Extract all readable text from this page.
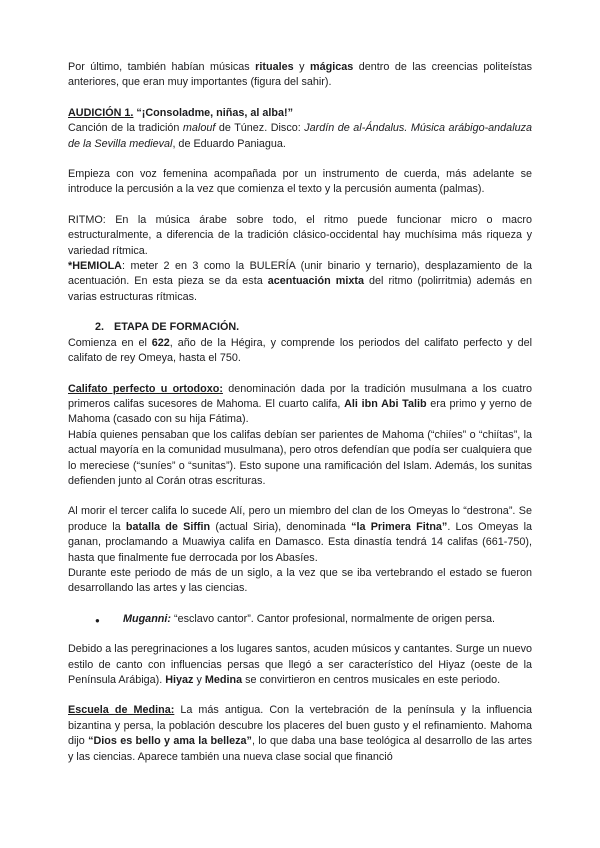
Por último, también habían músicas rituales y mágicas dentro de las creencias politeístas anteriores, que eran muy importantes (figura del sahir).
AUDICIÓN 1. “¡Consoladme, niñas, al alba!”
Canción de la tradición malouf de Túnez. Disco: Jardín de al-Ándalus. Música arábigo-andaluza de la Sevilla medieval, de Eduardo Paniagua.
Empieza con voz femenina acompañada por un instrumento de cuerda, más adelante se introduce la percusión a la vez que comienza el texto y la percusión aumenta (palmas).
RITMO: En la música árabe sobre todo, el ritmo puede funcionar micro o macro estructuralmente, a diferencia de la tradición clásico-occidental hay muchísima más riqueza y variedad rítmica.
*HEMIOLA: meter 2 en 3 como la BULERÍA (unir binario y ternario), desplazamiento de la acentuación. En esta pieza se da esta acentuación mixta del ritmo (polirritmia) además en varias estructuras rítmicas.
2. ETAPA DE FORMACIÓN.
Comienza en el 622, año de la Hégira, y comprende los periodos del califato perfecto y del califato de rey Omeya, hasta el 750.
Califato perfecto u ortodoxo: denominación dada por la tradición musulmana a los cuatro primeros califas sucesores de Mahoma. El cuarto califa, Ali ibn Abi Talib era primo y yerno de Mahoma (casado con su hija Fátima).
Había quienes pensaban que los califas debían ser parientes de Mahoma (“chiíes” o “chiítas”, la actual mayoría en la comunidad musulmana), pero otros defendían que podía ser cualquiera que lo mereciese (“suníes” o “sunitas”). Esto supone una ramificación del Islam. Además, los sunitas defienden junto al Corán otras escrituras.
Al morir el tercer califa lo sucede Alí, pero un miembro del clan de los Omeyas lo “destrona”. Se produce la batalla de Siffin (actual Siria), denominada “la Primera Fitna”. Los Omeyas la ganan, proclamando a Muawiya califa en Damasco. Esta dinastía tendrá 14 califas (661-750), hasta que finalmente fue derrocada por los Abasíes.
Durante este periodo de más de un siglo, a la vez que se iba vertebrando el estado se fueron desarrollando las artes y las ciencias.
● Muganni: “esclavo cantor”. Cantor profesional, normalmente de origen persa.
Debido a las peregrinaciones a los lugares santos, acuden músicos y cantantes. Surge un nuevo estilo de canto con influencias persas que llegó a ser característico del Hiyaz (oeste de la Península Arábiga). Hiyaz y Medina se convirtieron en centros musicales en este periodo.
Escuela de Medina: La más antigua. Con la vertebración de la península y la influencia bizantina y persa, la población descubre los placeres del buen gusto y el refinamiento. Mahoma dijo “Dios es bello y ama la belleza”, lo que daba una base teológica al desarrollo de las artes y las ciencias. Aparece también una nueva clase social que financió
